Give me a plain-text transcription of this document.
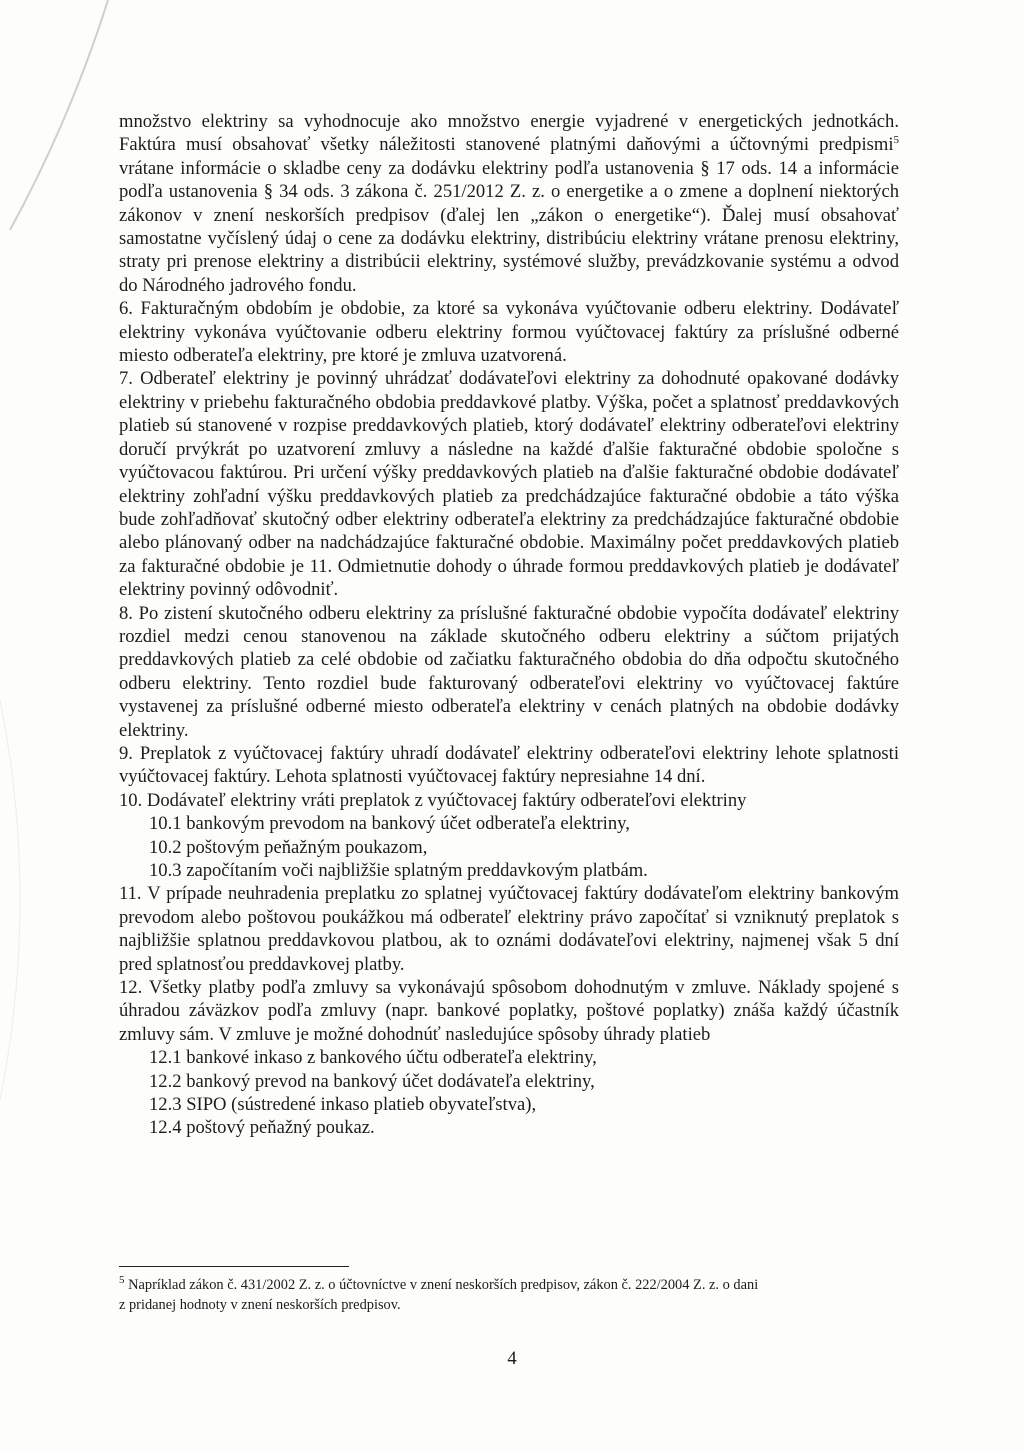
množstvo elektriny sa vyhodnocuje ako množstvo energie vyjadrené v energetických jednotkách. Faktúra musí obsahovať všetky náležitosti stanovené platnými daňovými a účtovnými predpismi$^5$ vrátane informácie o skladbe ceny za dodávku elektriny podľa ustanovenia § 17 ods. 14 a informácie podľa ustanovenia § 34 ods. 3 zákona č. 251/2012 Z. z. o energetike a o zmene a doplnení niektorých zákonov v znení neskorších predpisov (ďalej len „zákon o energetike“). Ďalej musí obsahovať samostatne vyčíslený údaj o cene za dodávku elektriny, distribúciu elektriny vrátane prenosu elektriny, straty pri prenose elektriny a distribúcii elektriny, systémové služby, prevádzkovanie systému a odvod do Národného jadrového fondu.

6. Fakturačným obdobím je obdobie, za ktoré sa vykonáva vyúčtovanie odberu elektriny. Dodávateľ elektriny vykonáva vyúčtovanie odberu elektriny formou vyúčtovacej faktúry za príslušné odberné miesto odberateľa elektriny, pre ktoré je zmluva uzatvorená.

7. Odberateľ elektriny je povinný uhrádzať dodávateľovi elektriny za dohodnuté opakované dodávky elektriny v priebehu fakturačného obdobia preddavkové platby. Výška, počet a splatnosť preddavkových platieb sú stanovené v rozpise preddavkových platieb, ktorý dodávateľ elektriny odberateľovi elektriny doručí prvýkrát po uzatvorení zmluvy a následne na každé ďalšie fakturačné obdobie spoločne s vyúčtovacou faktúrou. Pri určení výšky preddavkových platieb na ďalšie fakturačné obdobie dodávateľ elektriny zohľadní výšku preddavkových platieb za predchádzajúce fakturačné obdobie a táto výška bude zohľadňovať skutočný odber elektriny odberateľa elektriny za predchádzajúce fakturačné obdobie alebo plánovaný odber na nadchádzajúce fakturačné obdobie. Maximálny počet preddavkových platieb za fakturačné obdobie je 11. Odmietnutie dohody o úhrade formou preddavkových platieb je dodávateľ elektriny povinný odôvodniť.

8. Po zistení skutočného odberu elektriny za príslušné fakturačné obdobie vypočíta dodávateľ elektriny rozdiel medzi cenou stanovenou na základe skutočného odberu elektriny a súčtom prijatých preddavkových platieb za celé obdobie od začiatku fakturačného obdobia do dňa odpočtu skutočného odberu elektriny. Tento rozdiel bude fakturovaný odberateľovi elektriny vo vyúčtovacej faktúre vystavenej za príslušné odberné miesto odberateľa elektriny v cenách platných na obdobie dodávky elektriny.

9. Preplatok z vyúčtovacej faktúry uhradí dodávateľ elektriny odberateľovi elektriny lehote splatnosti vyúčtovacej faktúry. Lehota splatnosti vyúčtovacej faktúry nepresiahne 14 dní.

10. Dodávateľ elektriny vráti preplatok z vyúčtovacej faktúry odberateľovi elektriny

10.1 bankovým prevodom na bankový účet odberateľa elektriny,

10.2 poštovým peňažným poukazom,

10.3 započítaním voči najbližšie splatným preddavkovým platbám.

11. V prípade neuhradenia preplatku zo splatnej vyúčtovacej faktúry dodávateľom elektriny bankovým prevodom alebo poštovou poukážkou má odberateľ elektriny právo započítať si vzniknutý preplatok s najbližšie splatnou preddavkovou platbou, ak to oznámi dodávateľovi elektriny, najmenej však 5 dní pred splatnosťou preddavkovej platby.

12. Všetky platby podľa zmluvy sa vykonávajú spôsobom dohodnutým v zmluve. Náklady spojené s úhradou záväzkov podľa zmluvy (napr. bankové poplatky, poštové poplatky) znáša každý účastník zmluvy sám. V zmluve je možné dohodnúť nasledujúce spôsoby úhrady platieb

12.1 bankové inkaso z bankového účtu odberateľa elektriny,

12.2 bankový prevod na bankový účet dodávateľa elektriny,

12.3 SIPO (sústredené inkaso platieb obyvateľstva),

12.4 poštový peňažný poukaz.

$^5$ Napríklad zákon č. 431/2002 Z. z. o účtovníctve v znení neskorších predpisov, zákon č. 222/2004 Z. z. o dani
z pridanej hodnoty v znení neskorších predpisov.

4
